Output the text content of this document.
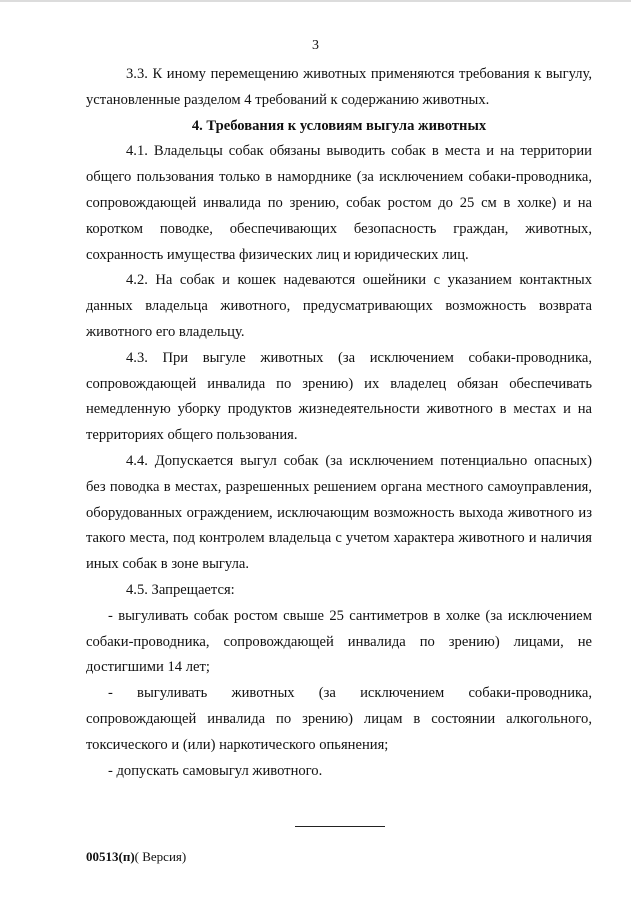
3

3.3. К иному перемещению животных применяются требования к выгулу, установленные разделом 4 требований к содержанию животных.

4. Требования к условиям выгула животных

4.1. Владельцы собак обязаны выводить собак в места и на территории общего пользования только в наморднике (за исключением собаки-проводника, сопровождающей инвалида по зрению, собак ростом до 25 см в холке) и на коротком поводке, обеспечивающих безопасность граждан, животных, сохранность имущества физических лиц и юридических лиц.

4.2. На собак и кошек надеваются ошейники с указанием контактных данных владельца животного, предусматривающих возможность возврата животного его владельцу.

4.3. При выгуле животных (за исключением собаки-проводника, сопровождающей инвалида по зрению) их владелец обязан обеспечивать немедленную уборку продуктов жизнедеятельности животного в местах и на территориях общего пользования.

4.4. Допускается выгул собак (за исключением потенциально опасных) без поводка в местах, разрешенных решением органа местного самоуправления, оборудованных ограждением, исключающим возможность выхода животного из такого места, под контролем владельца с учетом характера животного и наличия иных собак в зоне выгула.

4.5. Запрещается:

- выгуливать собак ростом свыше 25 сантиметров в холке (за исключением собаки-проводника, сопровождающей инвалида по зрению) лицами, не достигшими 14 лет;

- выгуливать животных (за исключением собаки-проводника, сопровождающей инвалида по зрению) лицам в состоянии алкогольного, токсического и (или) наркотического опьянения;

- допускать самовыгул животного.

00513(п)( Версия)
